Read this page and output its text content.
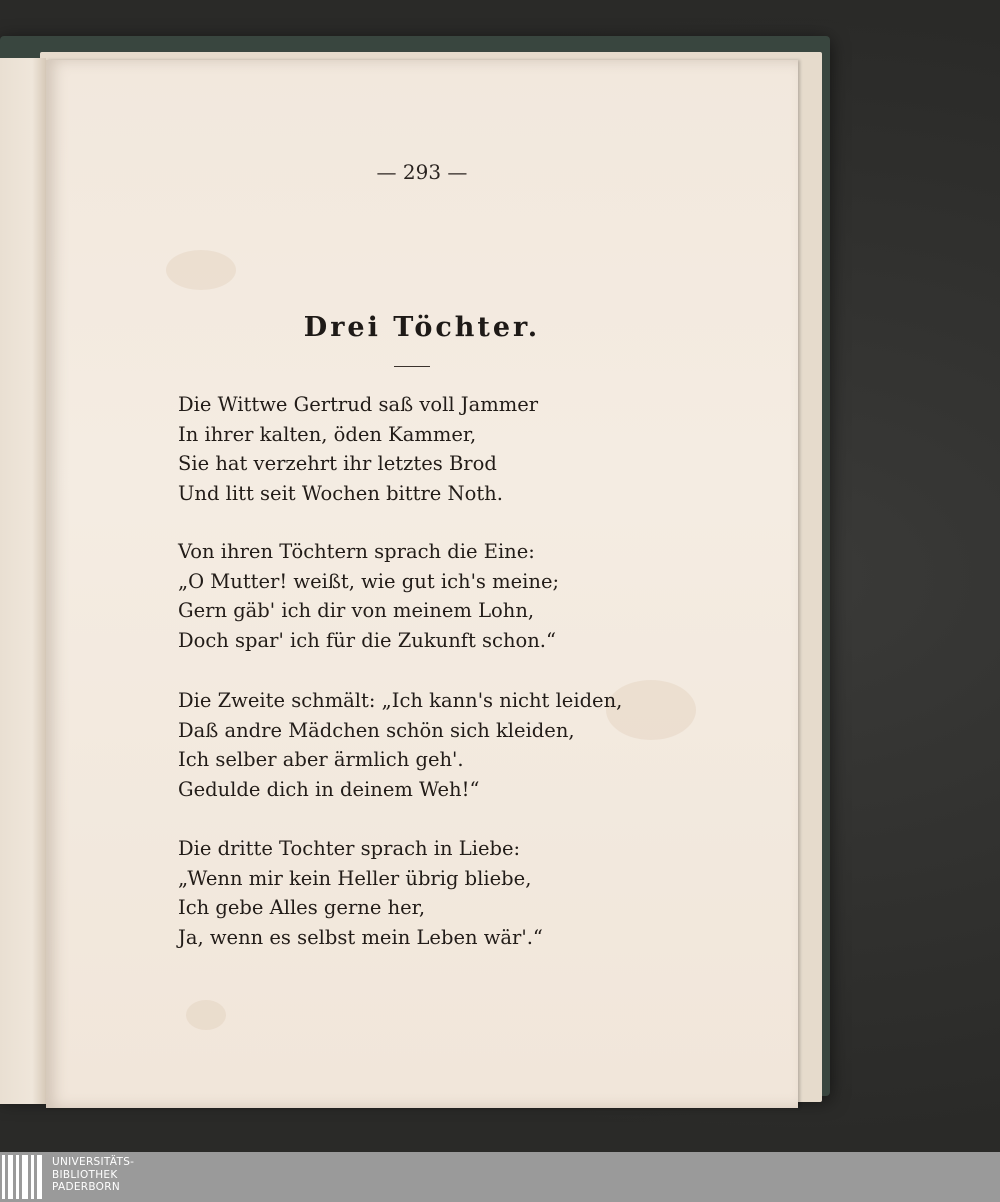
— 293 —
Drei Töchter.
Die Wittwe Gertrud saß voll Jammer
In ihrer kalten, öden Kammer,
Sie hat verzehrt ihr letztes Brod
Und litt seit Wochen bittre Noth.
Von ihren Töchtern sprach die Eine:
„O Mutter! weißt, wie gut ich's meine;
Gern gäb' ich dir von meinem Lohn,
Doch spar' ich für die Zukunft schon.“
Die Zweite schmält: „Ich kann's nicht leiden,
Daß andre Mädchen schön sich kleiden,
Ich selber aber ärmlich geh'.
Gedulde dich in deinem Weh!“
Die dritte Tochter sprach in Liebe:
„Wenn mir kein Heller übrig bliebe,
Ich gebe Alles gerne her,
Ja, wenn es selbst mein Leben wär'.“
UNIVERSITÄTS-
BIBLIOTHEK
PADERBORN
